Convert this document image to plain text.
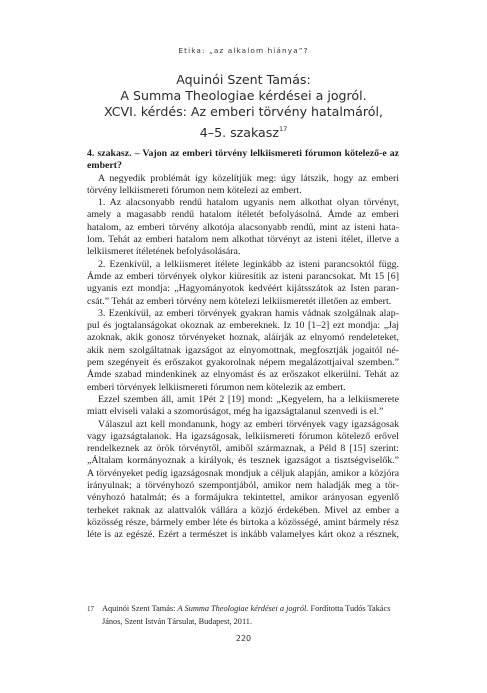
Etika: „az alkalom hiánya”?
Aquinói Szent Tamás:
A Summa Theologiae kérdései a jogról.
XCVI. kérdés: Az emberi törvény hatalmáról,
4–5. szakasz$^{17}$
4. szakasz. – Vajon az emberi törvény lelkiismereti fórumon kötelező-e az
embert?
A negyedik problémát így közelítjük meg: úgy látszik, hogy az emberi
törvény lelkiismereti fórumon nem kötelezi az embert.
1. Az alacsonyabb rendű hatalom ugyanis nem alkothat olyan törvényt,
amely a magasabb rendű hatalom ítéletét befolyásolná. Ámde az emberi
hatalom, az emberi törvény alkotója alacsonyabb rendű, mint az isteni hata-
lom. Tehát az emberi hatalom nem alkothat törvényt az isteni ítélet, illetve a
lelkiismeret ítéletének befolyásolására.
2. Ezenkívül, a lelkiismeret ítélete leginkább az isteni parancsoktól függ.
Ámde az emberi törvények olykor kiüresítik az isteni parancsokat. Mt 15 [6]
ugyanis ezt mondja: „Hagyományotok kedvéért kijátsszátok az Isten paran-
csát.” Tehát az emberi törvény nem kötelezi lelkiismeretét illetően az embert.
3. Ezenkívül, az emberi törvények gyakran hamis vádnak szolgálnak alap-
pul és jogtalanságokat okoznak az embereknek. Iz 10 [1–2] ezt mondja: „Jaj
azoknak, akik gonosz törvényeket hoznak, aláírják az elnyomó rendeleteket,
akik nem szolgáltatnak igazságot az elnyomottnak, megfosztják jogaitól né-
pem szegényeit és erőszakot gyakorolnak népem megalázottjaival szemben.”
Ámde szabad mindenkinek az elnyomást és az erőszakot elkerülni. Tehát az
emberi törvények lelkiismereti fórumon nem kötelezik az embert.
Ezzel szemben áll, amit 1Pét 2 [19] mond: „Kegyelem, ha a lelkiismerete
miatt elviseli valaki a szomorúságot, még ha igazságtalanul szenvedi is el.”
Válaszul azt kell mondanunk, hogy az emberi törvények vagy igazságosak
vagy igazságtalanok. Ha igazságosak, lelkiismereti fórumon kötelező erővel
rendelkeznek az örök törvénytől, amiből származnak, a Péld 8 [15] szerint:
„Általam kormányoznak a királyok, és tesznek igazságot a tisztségviselők.”
A törvényeket pedig igazságosnak mondjuk a céljuk alapján, amikor a közjóra
irányulnak; a törvényhozó szempontjából, amikor nem haladják meg a tör-
vényhozó hatalmát; és a formájukra tekintettel, amikor arányosan egyenlő
terheket raknak az alattvalók vállára a közjó érdekében. Mivel az ember a
közösség része, bármely ember léte és birtoka a közösségé, amint bármely rész
léte is az egészé. Ezért a természet is inkább valamelyes kárt okoz a résznek,
17 Aquinói Szent Tamás: A Summa Theologiae kérdései a jogról. Fordította Tudós Takács
János, Szent István Társulat, Budapest, 2011.
220
